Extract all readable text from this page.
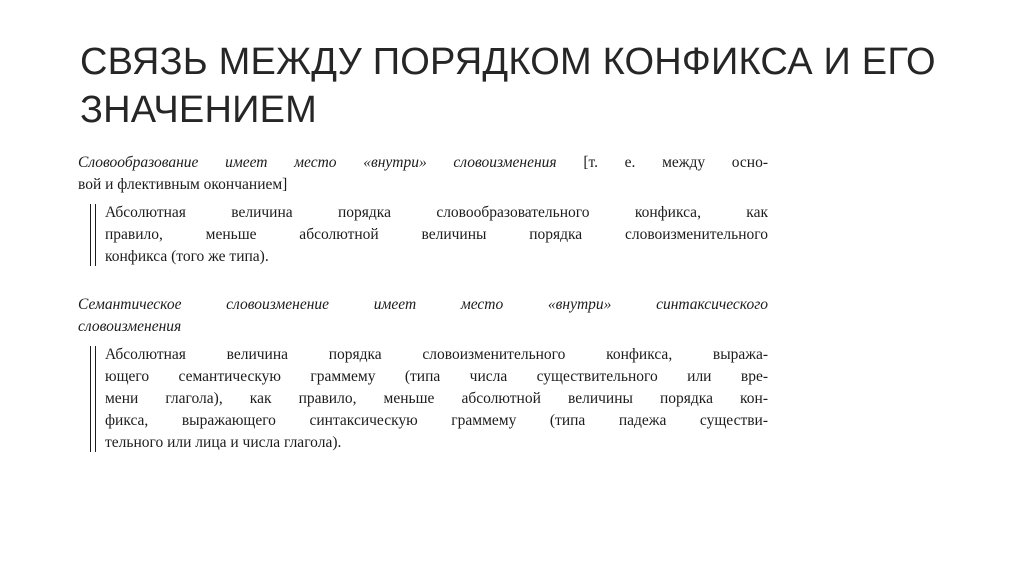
СВЯЗЬ МЕЖДУ ПОРЯДКОМ КОНФИКСА И ЕГО ЗНАЧЕНИЕМ
Словообразование имеет место «внутри» словоизменения [т. е. между осно-
вой и флективным окончанием]
Абсолютная величина порядка словообразовательного конфикса, как
правило, меньше абсолютной величины порядка словоизменительного
конфикса (того же типа).
Семантическое словоизменение имеет место «внутри» синтаксического
словоизменения
Абсолютная величина порядка словоизменительного конфикса, выража-
ющего семантическую граммему (типа числа существительного или вре-
мени глагола), как правило, меньше абсолютной величины порядка кон-
фикса, выражающего синтаксическую граммему (типа падежа существи-
тельного или лица и числа глагола).
